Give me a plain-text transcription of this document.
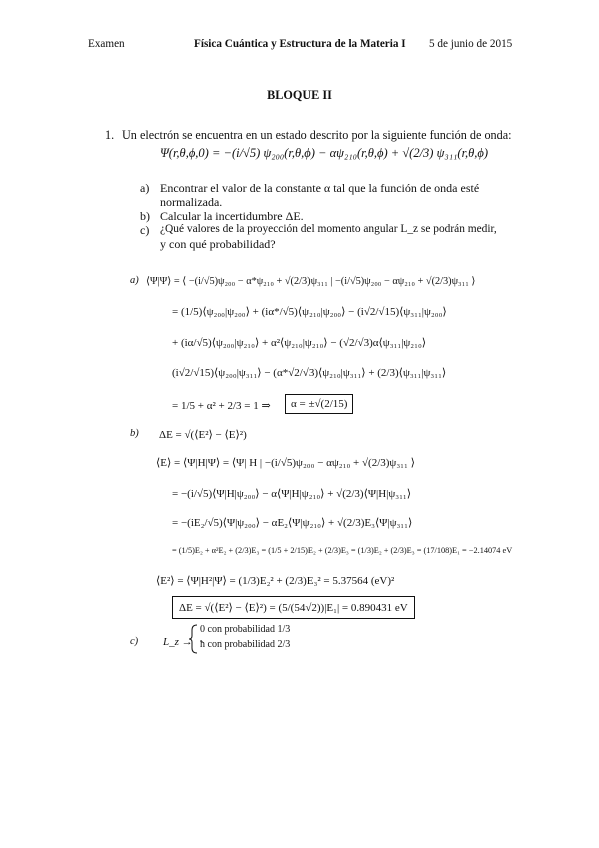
Examen	Física Cuántica y Estructura de la Materia I 5 de junio de 2015
BLOQUE II
1. Un electrón se encuentra en un estado descrito por la siguiente función de onda:
Ψ(r,θ,ϕ,0) = −(i/√5) ψ₂₀₀(r,θ,ϕ) − αψ₂₁₀(r,θ,ϕ) + √(2/3) ψ₃₁₁(r,θ,ϕ)
a) Encontrar el valor de la constante α tal que la función de onda esté
normalizada.
b) Calcular la incertidumbre ΔE.
c) ¿Qué valores de la proyección del momento angular L_z se podrán medir,
y con qué probabilidad?
a) ⟨Ψ|Ψ⟩ = ⟨ −(i/√5)ψ₂₀₀ − α*ψ₂₁₀ + √(2/3)ψ₃₁₁ | −(i/√5)ψ₂₀₀ − αψ₂₁₀ + √(2/3)ψ₃₁₁ ⟩
= (1/5)⟨ψ₂₀₀|ψ₂₀₀⟩ + (iα*/√5)⟨ψ₂₁₀|ψ₂₀₀⟩ − (i√2/√15)⟨ψ₃₁₁|ψ₂₀₀⟩
+ (iα/√5)⟨ψ₂₀₀|ψ₂₁₀⟩ + α²⟨ψ₂₁₀|ψ₂₁₀⟩ − (√2/√3)α⟨ψ₃₁₁|ψ₂₁₀⟩
(i√2/√15)⟨ψ₂₀₀|ψ₃₁₁⟩ − (α*√2/√3)⟨ψ₂₁₀|ψ₃₁₁⟩ + (2/3)⟨ψ₃₁₁|ψ₃₁₁⟩
= 1/5 + α² + 2/3 = 1 ⇒	α = ±√(2/15)
b) ΔE = √(⟨E²⟩ − ⟨E⟩²)
⟨E⟩ = ⟨Ψ|H|Ψ⟩ = ⟨Ψ| H | −(i/√5)ψ₂₀₀ − αψ₂₁₀ + √(2/3)ψ₃₁₁ ⟩
= −(i/√5)⟨Ψ|H|ψ₂₀₀⟩ − α⟨Ψ|H|ψ₂₁₀⟩ + √(2/3)⟨Ψ|H|ψ₃₁₁⟩
= −(iE₂/√5)⟨Ψ|ψ₂₀₀⟩ − αE₂⟨Ψ|ψ₂₁₀⟩ + √(2/3)E₃⟨Ψ|ψ₃₁₁⟩
= (1/5)E₂ + α²E₂ + (2/3)E₃ = (1/5 + 2/15)E₂ + (2/3)E₃ = (1/3)E₂ + (2/3)E₃ = (17/108)E₁ = −2.14074 eV
⟨E²⟩ = ⟨Ψ|H²|Ψ⟩ = (1/3)E₂² + (2/3)E₃² = 5.37564 (eV)²
ΔE = √(⟨E²⟩ − ⟨E⟩²) = (5/(54√2))|E₁| = 0.890431 eV
c) L_z →
0 con probabilidad 1/3
ħ con probabilidad 2/3
